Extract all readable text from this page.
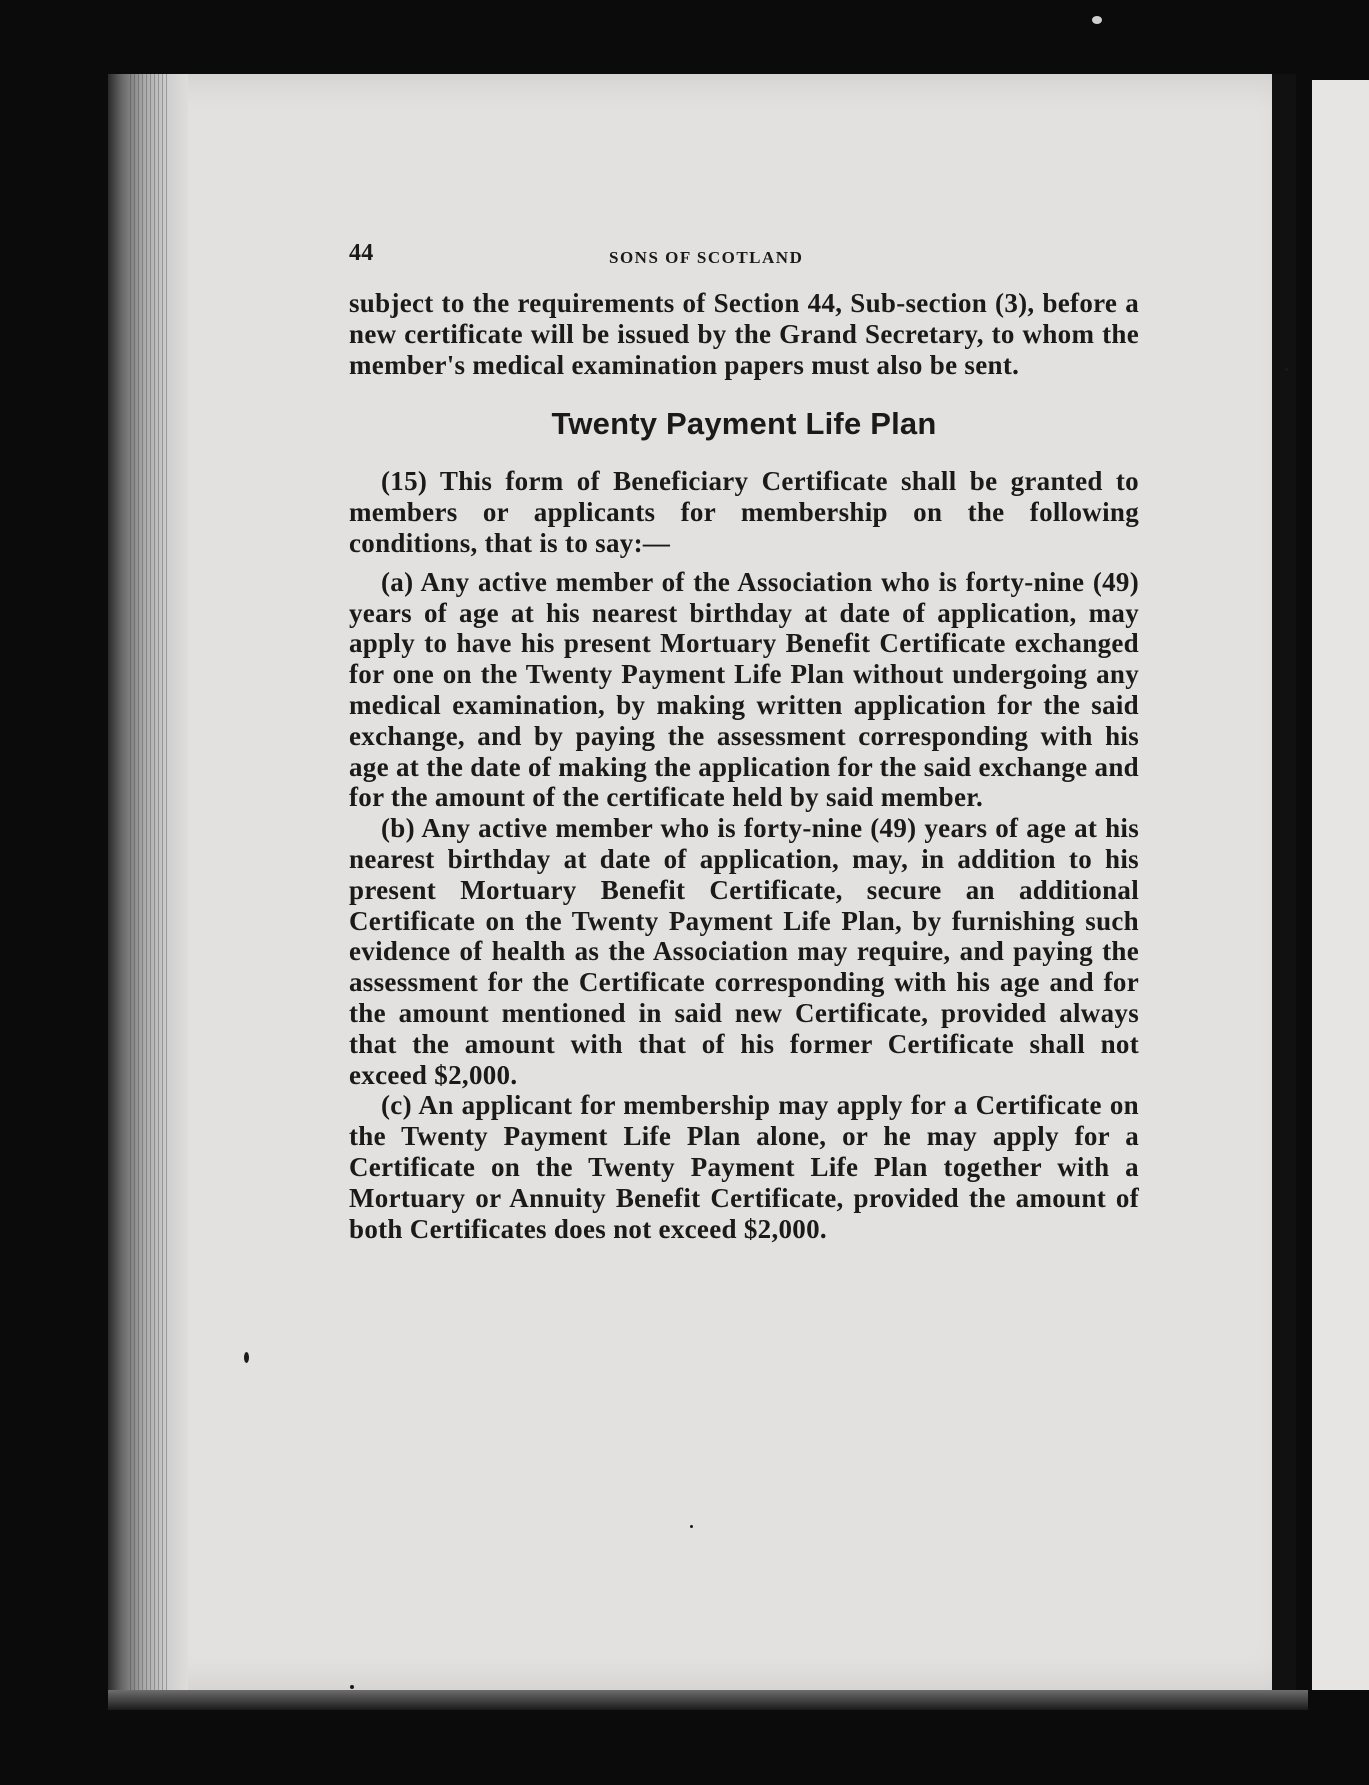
44	SONS OF SCOTLAND

subject to the requirements of Section 44, Sub-section (3), before a new certificate will be issued by the Grand Secretary, to whom the member's medical examination papers must also be sent.

Twenty Payment Life Plan

(15) This form of Beneficiary Certificate shall be granted to members or applicants for membership on the following conditions, that is to say:—

(a) Any active member of the Association who is forty-nine (49) years of age at his nearest birthday at date of application, may apply to have his present Mortuary Benefit Certificate exchanged for one on the Twenty Payment Life Plan without undergoing any medical examination, by making written application for the said exchange, and by paying the assessment corresponding with his age at the date of making the application for the said exchange and for the amount of the certificate held by said member.

(b) Any active member who is forty-nine (49) years of age at his nearest birthday at date of application, may, in addition to his present Mortuary Benefit Certificate, secure an additional Certificate on the Twenty Payment Life Plan, by furnishing such evidence of health as the Association may require, and paying the assessment for the Certificate corresponding with his age and for the amount mentioned in said new Certificate, provided always that the amount with that of his former Certificate shall not exceed $2,000.

(c) An applicant for membership may apply for a Certificate on the Twenty Payment Life Plan alone, or he may apply for a Certificate on the Twenty Payment Life Plan together with a Mortuary or Annuity Benefit Certificate, provided the amount of both Certificates does not exceed $2,000.
